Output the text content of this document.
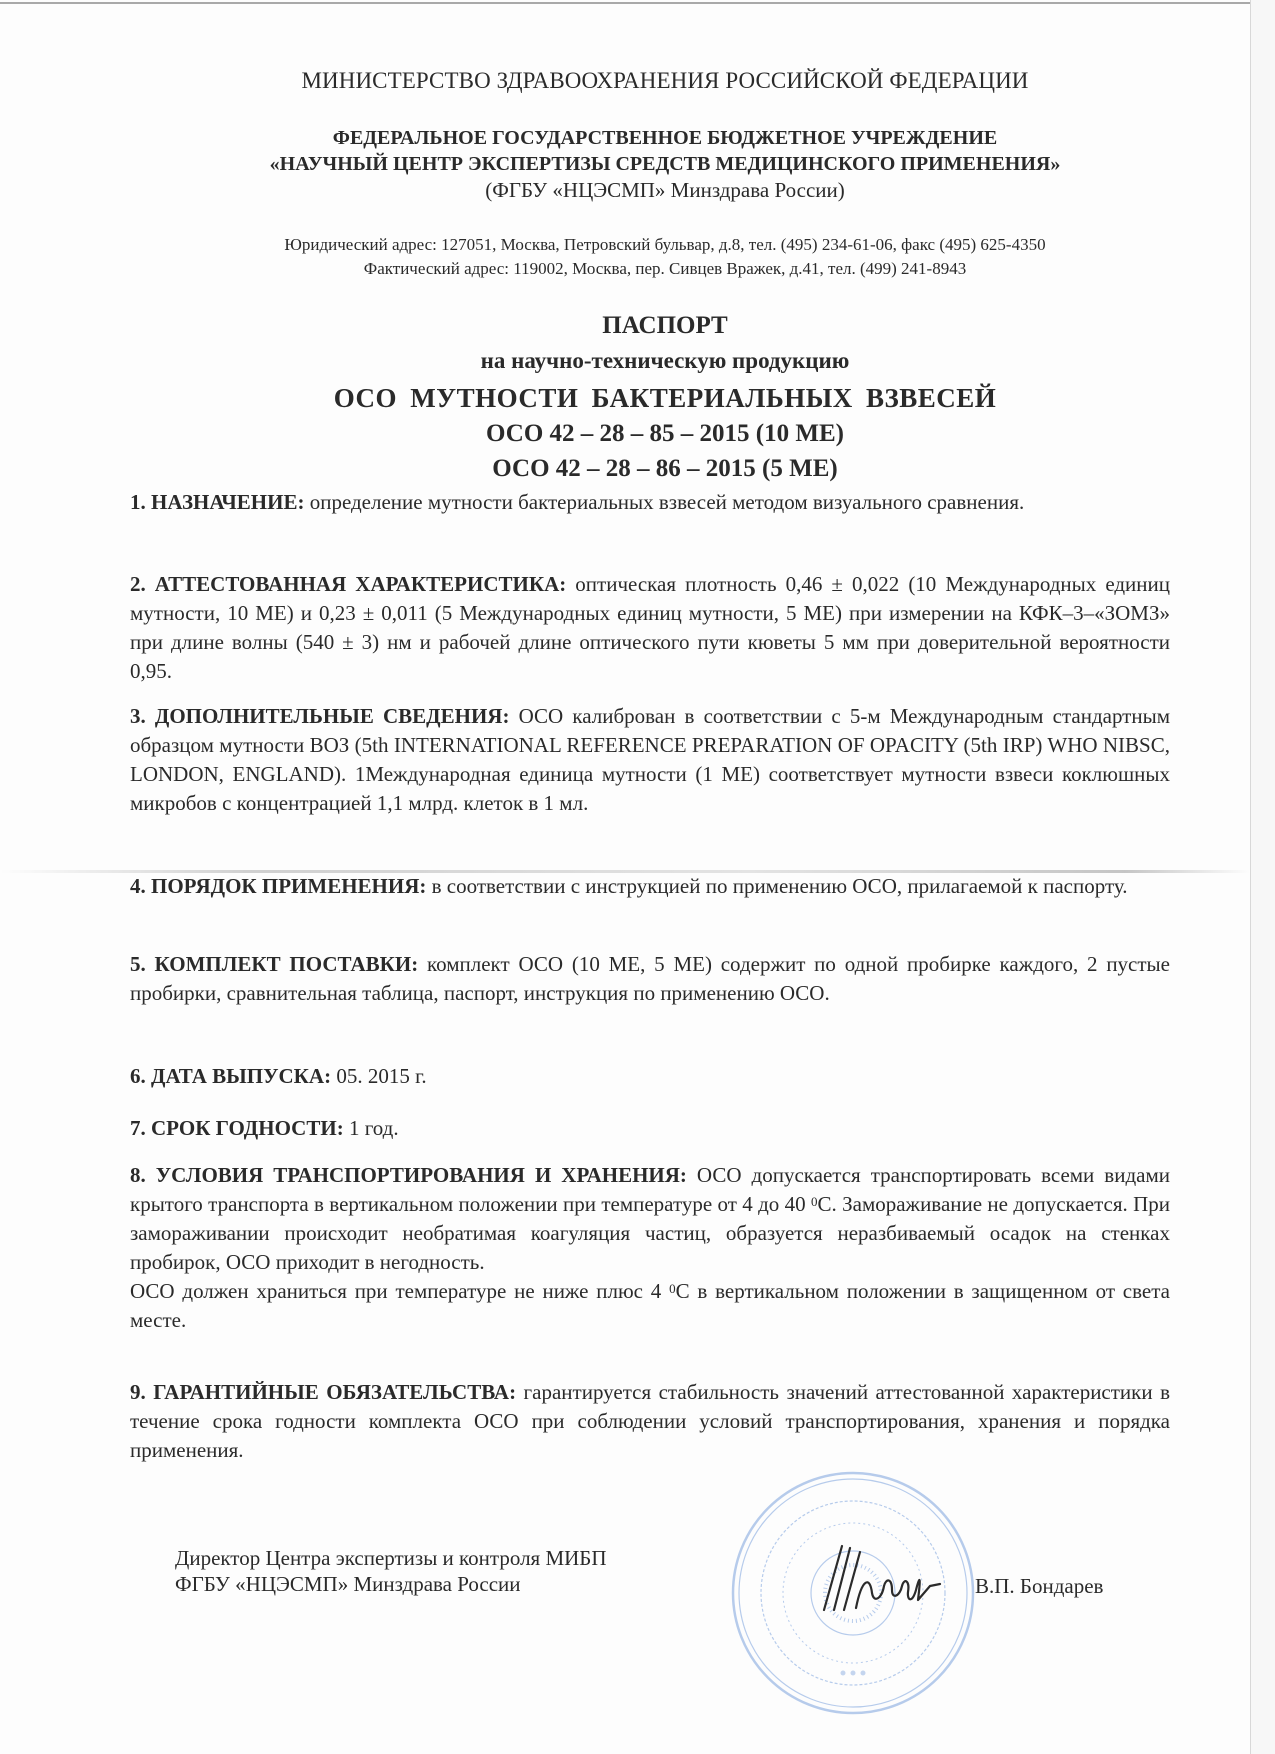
МИНИСТЕРСТВО ЗДРАВООХРАНЕНИЯ РОССИЙСКОЙ ФЕДЕРАЦИИ
ФЕДЕРАЛЬНОЕ ГОСУДАРСТВЕННОЕ БЮДЖЕТНОЕ УЧРЕЖДЕНИЕ
«НАУЧНЫЙ ЦЕНТР ЭКСПЕРТИЗЫ СРЕДСТВ МЕДИЦИНСКОГО ПРИМЕНЕНИЯ»
(ФГБУ «НЦЭСМП» Минздрава России)
Юридический адрес: 127051, Москва, Петровский бульвар, д.8, тел. (495) 234-61-06, факс (495) 625-4350
Фактический адрес: 119002, Москва, пер. Сивцев Вражек, д.41, тел. (499) 241-8943
ПАСПОРТ
на научно-техническую продукцию
ОСО МУТНОСТИ БАКТЕРИАЛЬНЫХ ВЗВЕСЕЙ
ОСО 42 – 28 – 85 – 2015 (10 МЕ)
ОСО 42 – 28 – 86 – 2015 (5 МЕ)
1. НАЗНАЧЕНИЕ: определение мутности бактериальных взвесей методом визуального сравнения.
2. АТТЕСТОВАННАЯ ХАРАКТЕРИСТИКА: оптическая плотность 0,46 ± 0,022 (10 Международных единиц мутности, 10 МЕ) и 0,23 ± 0,011 (5 Международных единиц мутности, 5 МЕ) при измерении на КФК–3–«ЗОМЗ» при длине волны (540 ± 3) нм и рабочей длине оптического пути кюветы 5 мм при доверительной вероятности 0,95.
3. ДОПОЛНИТЕЛЬНЫЕ СВЕДЕНИЯ: ОСО калиброван в соответствии с 5-м Международным стандартным образцом мутности ВОЗ (5th INTERNATIONAL REFERENCE PREPARATION OF OPACITY (5th IRP) WHO NIBSC, LONDON, ENGLAND). 1Международная единица мутности (1 МЕ) соответствует мутности взвеси коклюшных микробов с концентрацией 1,1 млрд. клеток в 1 мл.
4. ПОРЯДОК ПРИМЕНЕНИЯ: в соответствии с инструкцией по применению ОСО, прилагаемой к паспорту.
5. КОМПЛЕКТ ПОСТАВКИ: комплект ОСО (10 МЕ, 5 МЕ) содержит по одной пробирке каждого, 2 пустые пробирки, сравнительная таблица, паспорт, инструкция по применению ОСО.
6. ДАТА ВЫПУСКА: 05. 2015 г.
7. СРОК ГОДНОСТИ: 1 год.
8. УСЛОВИЯ ТРАНСПОРТИРОВАНИЯ И ХРАНЕНИЯ: ОСО допускается транспортировать всеми видами крытого транспорта в вертикальном положении при температуре от 4 до 40 $^0$С. Замораживание не допускается. При замораживании происходит необратимая коагуляция частиц, образуется неразбиваемый осадок на стенках пробирок, ОСО приходит в негодность.
ОСО должен храниться при температуре не ниже плюс 4 $^0$С в вертикальном положении в защищенном от света месте.
9. ГАРАНТИЙНЫЕ ОБЯЗАТЕЛЬСТВА: гарантируется стабильность значений аттестованной характеристики в течение срока годности комплекта ОСО при соблюдении условий транспортирования, хранения и порядка применения.
Директор Центра экспертизы и контроля МИБП
ФГБУ «НЦЭСМП» Минздрава России	В.П. Бондарев
